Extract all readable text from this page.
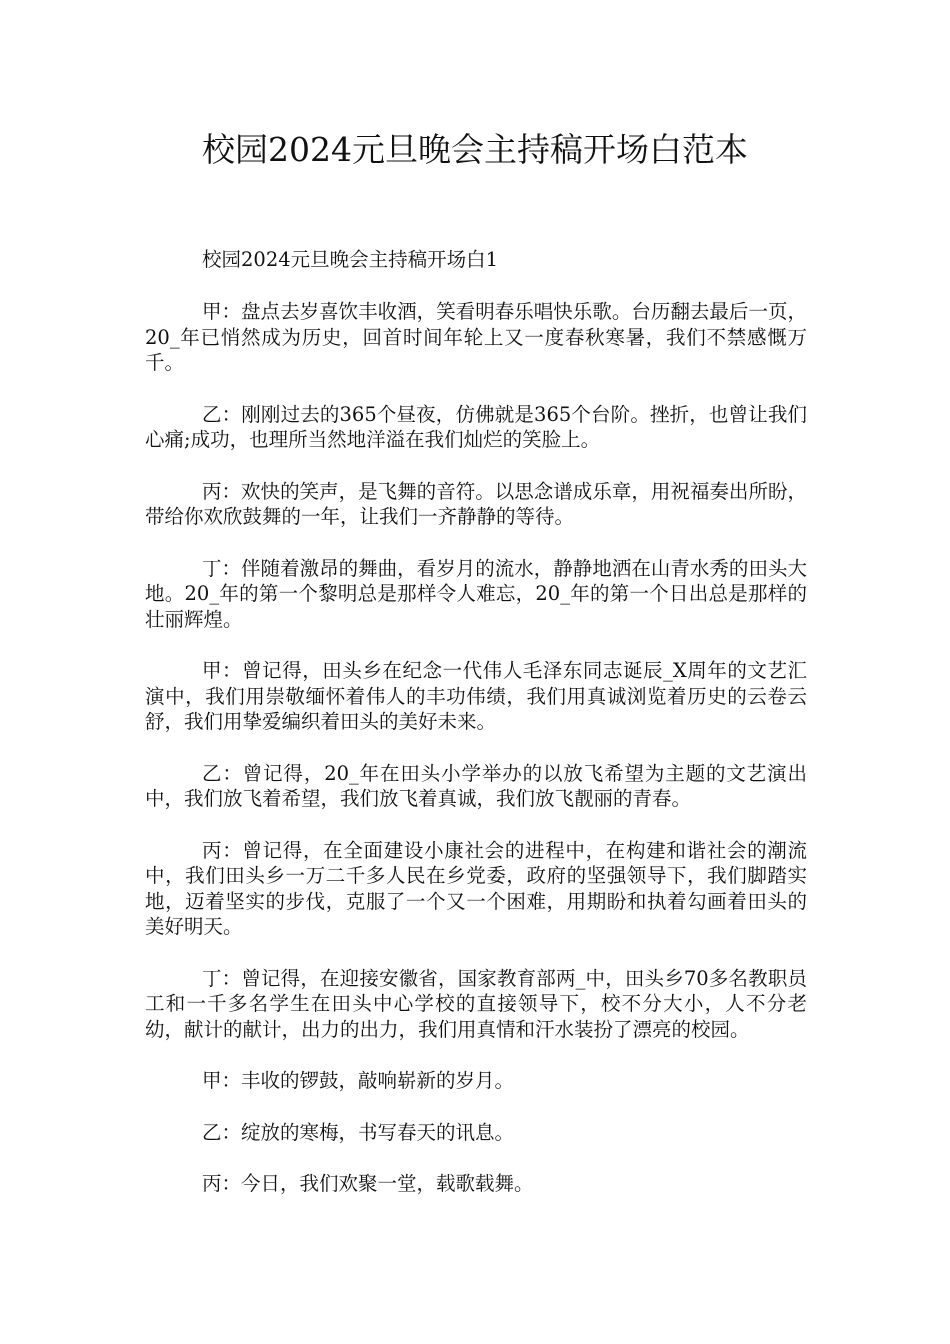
校园2024元旦晚会主持稿开场白范本

校园2024元旦晚会主持稿开场白1

甲：盘点去岁喜饮丰收酒，笑看明春乐唱快乐歌。台历翻去最后一页，20_年已悄然成为历史，回首时间年轮上又一度春秋寒暑，我们不禁感慨万千。

乙：刚刚过去的365个昼夜，仿佛就是365个台阶。挫折，也曾让我们心痛;成功，也理所当然地洋溢在我们灿烂的笑脸上。

丙：欢快的笑声，是飞舞的音符。以思念谱成乐章，用祝福奏出所盼，带给你欢欣鼓舞的一年，让我们一齐静静的等待。

丁：伴随着激昂的舞曲，看岁月的流水，静静地洒在山青水秀的田头大地。20_年的第一个黎明总是那样令人难忘，20_年的第一个日出总是那样的壮丽辉煌。

甲：曾记得，田头乡在纪念一代伟人毛泽东同志诞辰_X周年的文艺汇演中，我们用崇敬缅怀着伟人的丰功伟绩，我们用真诚浏览着历史的云卷云舒，我们用挚爱编织着田头的美好未来。

乙：曾记得，20_年在田头小学举办的以放飞希望为主题的文艺演出中，我们放飞着希望，我们放飞着真诚，我们放飞靓丽的青春。

丙：曾记得，在全面建设小康社会的进程中，在构建和谐社会的潮流中，我们田头乡一万二千多人民在乡党委，政府的坚强领导下，我们脚踏实地，迈着坚实的步伐，克服了一个又一个困难，用期盼和执着勾画着田头的美好明天。

丁：曾记得，在迎接安徽省，国家教育部两_中，田头乡70多名教职员工和一千多名学生在田头中心学校的直接领导下，校不分大小，人不分老幼，献计的献计，出力的出力，我们用真情和汗水装扮了漂亮的校园。

甲：丰收的锣鼓，敲响崭新的岁月。

乙：绽放的寒梅，书写春天的讯息。

丙：今日，我们欢聚一堂，载歌载舞。
